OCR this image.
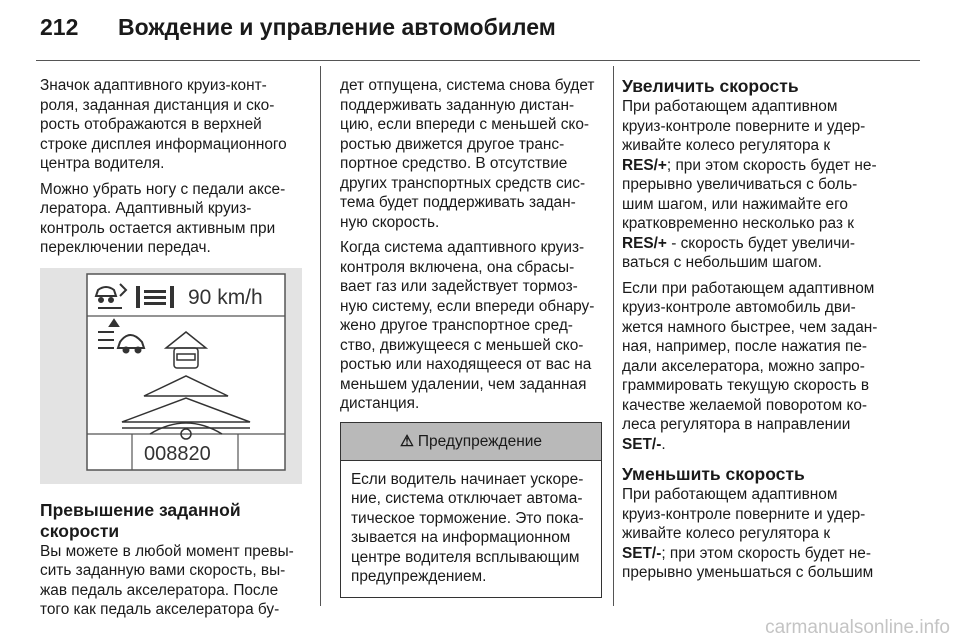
212 Вождение и управление автомобилем

Значок адаптивного круиз-конт-
роля, заданная дистанция и ско-
рость отображаются в верхней
строке дисплея информационного
центра водителя.

Можно убрать ногу с педали аксе-
лератора. Адаптивный круиз-
контроль остается активным при
переключении передач.

90 km/h
008820
Превышение заданной
скорости

Вы можете в любой момент превы-
сить заданную вами скорость, вы-
жав педаль акселератора. После
того как педаль акселератора бу-

дет отпущена, система снова будет
поддерживать заданную дистан-
цию, если впереди с меньшей ско-
ростью движется другое транс-
портное средство. В отсутствие
других транспортных средств сис-
тема будет поддерживать задан-
ную скорость.

Когда система адаптивного круиз-
контроля включена, она сбрасы-
вает газ или задействует тормоз-
ную систему, если впереди обнару-
жено другое транспортное сред-
ство, движущееся с меньшей ско-
ростью или находящееся от вас на
меньшем удалении, чем заданная
дистанция.

⚠ Предупреждение
Если водитель начинает ускоре-
ние, система отключает автома-
тическое торможение. Это пока-
зывается на информационном
центре водителя всплывающим
предупреждением.
Увеличить скорость

При работающем адаптивном
круиз-контроле поверните и удер-
живайте колесо регулятора к
RES/+; при этом скорость будет не-
прерывно увеличиваться с боль-
шим шагом, или нажимайте его
кратковременно несколько раз к
RES/+ - скорость будет увеличи-
ваться с небольшим шагом.

Если при работающем адаптивном
круиз-контроле автомобиль дви-
жется намного быстрее, чем задан-
ная, например, после нажатия пе-
дали акселератора, можно запро-
граммировать текущую скорость в
качестве желаемой поворотом ко-
леса регулятора в направлении
SET/-.

Уменьшить скорость

При работающем адаптивном
круиз-контроле поверните и удер-
живайте колесо регулятора к
SET/-; при этом скорость будет не-
прерывно уменьшаться с большим

carmanualsonline.info
